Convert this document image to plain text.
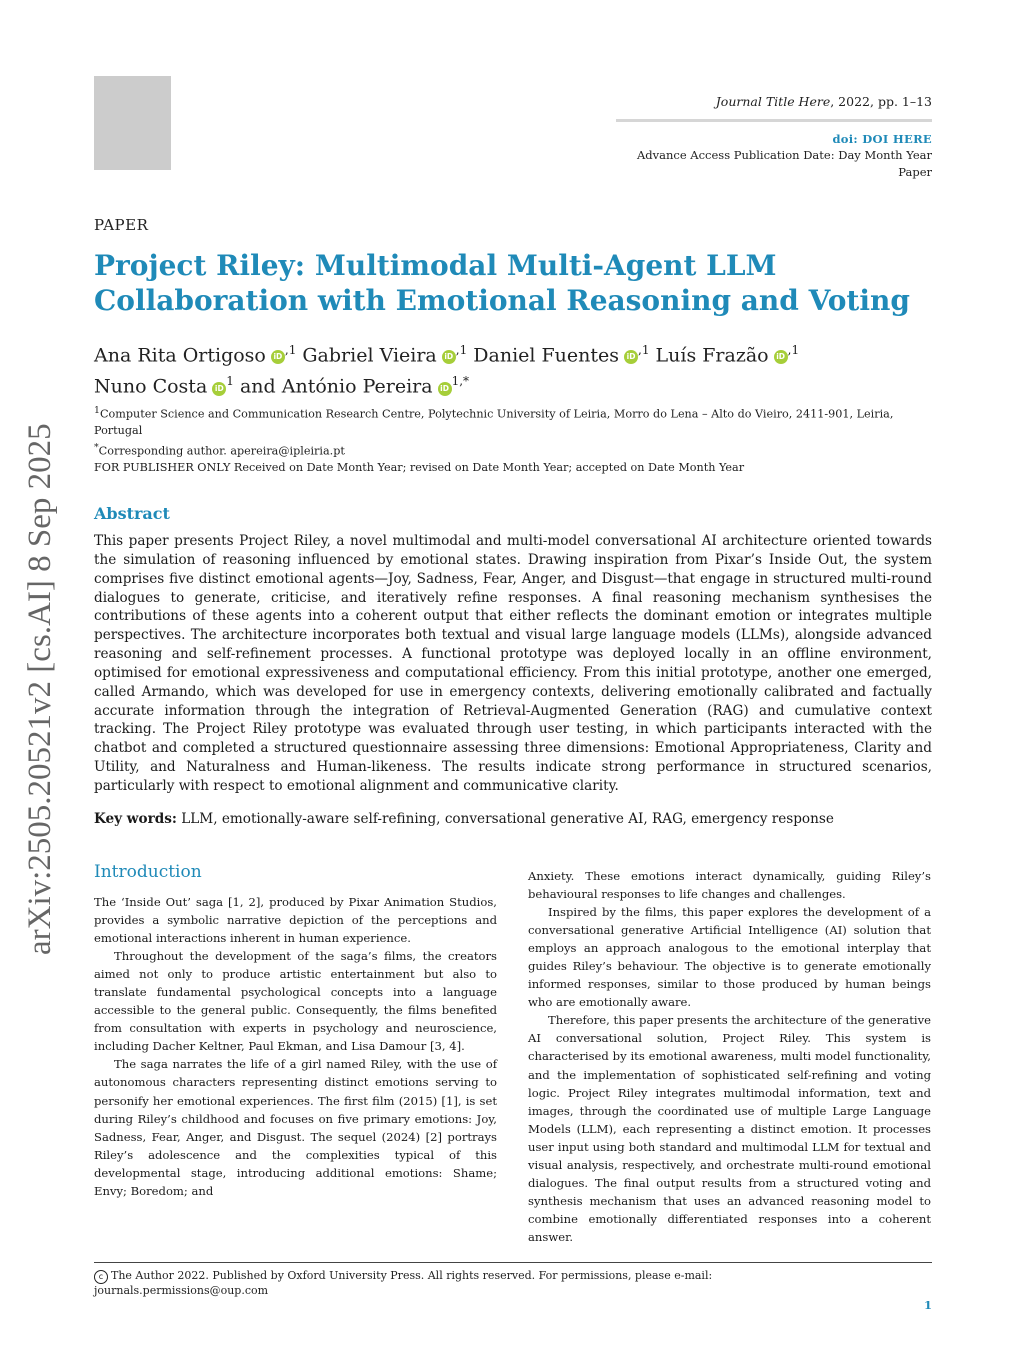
Journal Title Here, 2022, pp. 1–13
doi: DOI HERE
Advance Access Publication Date: Day Month Year
Paper
arXiv:2505.20521v2 [cs.AI] 8 Sep 2025
PAPER
Project Riley: Multimodal Multi-Agent LLM Collaboration with Emotional Reasoning and Voting
Ana Rita Ortigoso iD $^{,1}$ Gabriel Vieira iD $^{,1}$ Daniel Fuentes iD $^{,1}$ Luís Frazão iD $^{,1}$
Nuno Costa iD $^1$ and António Pereira iD $^{1,*}$
$^1$Computer Science and Communication Research Centre, Polytechnic University of Leiria, Morro do Lena – Alto do Vieiro, 2411-901, Leiria, Portugal
*Corresponding author. apereira@ipleiria.pt
FOR PUBLISHER ONLY Received on Date Month Year; revised on Date Month Year; accepted on Date Month Year
Abstract
This paper presents Project Riley, a novel multimodal and multi-model conversational AI architecture oriented towards the simulation of reasoning influenced by emotional states. Drawing inspiration from Pixar’s Inside Out, the system comprises five distinct emotional agents—Joy, Sadness, Fear, Anger, and Disgust—that engage in structured multi-round dialogues to generate, criticise, and iteratively refine responses. A final reasoning mechanism synthesises the contributions of these agents into a coherent output that either reflects the dominant emotion or integrates multiple perspectives. The architecture incorporates both textual and visual large language models (LLMs), alongside advanced reasoning and self-refinement processes. A functional prototype was deployed locally in an offline environment, optimised for emotional expressiveness and computational efficiency. From this initial prototype, another one emerged, called Armando, which was developed for use in emergency contexts, delivering emotionally calibrated and factually accurate information through the integration of Retrieval-Augmented Generation (RAG) and cumulative context tracking. The Project Riley prototype was evaluated through user testing, in which participants interacted with the chatbot and completed a structured questionnaire assessing three dimensions: Emotional Appropriateness, Clarity and Utility, and Naturalness and Human-likeness. The results indicate strong performance in structured scenarios, particularly with respect to emotional alignment and communicative clarity.
Key words: LLM, emotionally-aware self-refining, conversational generative AI, RAG, emergency response
Introduction

The ‘Inside Out’ saga [1, 2], produced by Pixar Animation Studios, provides a symbolic narrative depiction of the perceptions and emotional interactions inherent in human experience.

Throughout the development of the saga’s films, the creators aimed not only to produce artistic entertainment but also to translate fundamental psychological concepts into a language accessible to the general public. Consequently, the films benefited from consultation with experts in psychology and neuroscience, including Dacher Keltner, Paul Ekman, and Lisa Damour [3, 4].

The saga narrates the life of a girl named Riley, with the use of autonomous characters representing distinct emotions serving to personify her emotional experiences. The first film (2015) [1], is set during Riley’s childhood and focuses on five primary emotions: Joy, Sadness, Fear, Anger, and Disgust. The sequel (2024) [2] portrays Riley’s adolescence and the complexities typical of this developmental stage, introducing additional emotions: Shame; Envy; Boredom; and

Anxiety. These emotions interact dynamically, guiding Riley’s behavioural responses to life changes and challenges.

Inspired by the films, this paper explores the development of a conversational generative Artificial Intelligence (AI) solution that employs an approach analogous to the emotional interplay that guides Riley’s behaviour. The objective is to generate emotionally informed responses, similar to those produced by human beings who are emotionally aware.

Therefore, this paper presents the architecture of the generative AI conversational solution, Project Riley. This system is characterised by its emotional awareness, multi model functionality, and the implementation of sophisticated self-refining and voting logic. Project Riley integrates multimodal information, text and images, through the coordinated use of multiple Large Language Models (LLM), each representing a distinct emotion. It processes user input using both standard and multimodal LLM for textual and visual analysis, respectively, and orchestrate multi-round emotional dialogues. The final output results from a structured voting and synthesis mechanism that uses an advanced reasoning model to combine emotionally differentiated responses into a coherent answer.

c The Author 2022. Published by Oxford University Press. All rights reserved. For permissions, please e-mail:
journals.permissions@oup.com
1
